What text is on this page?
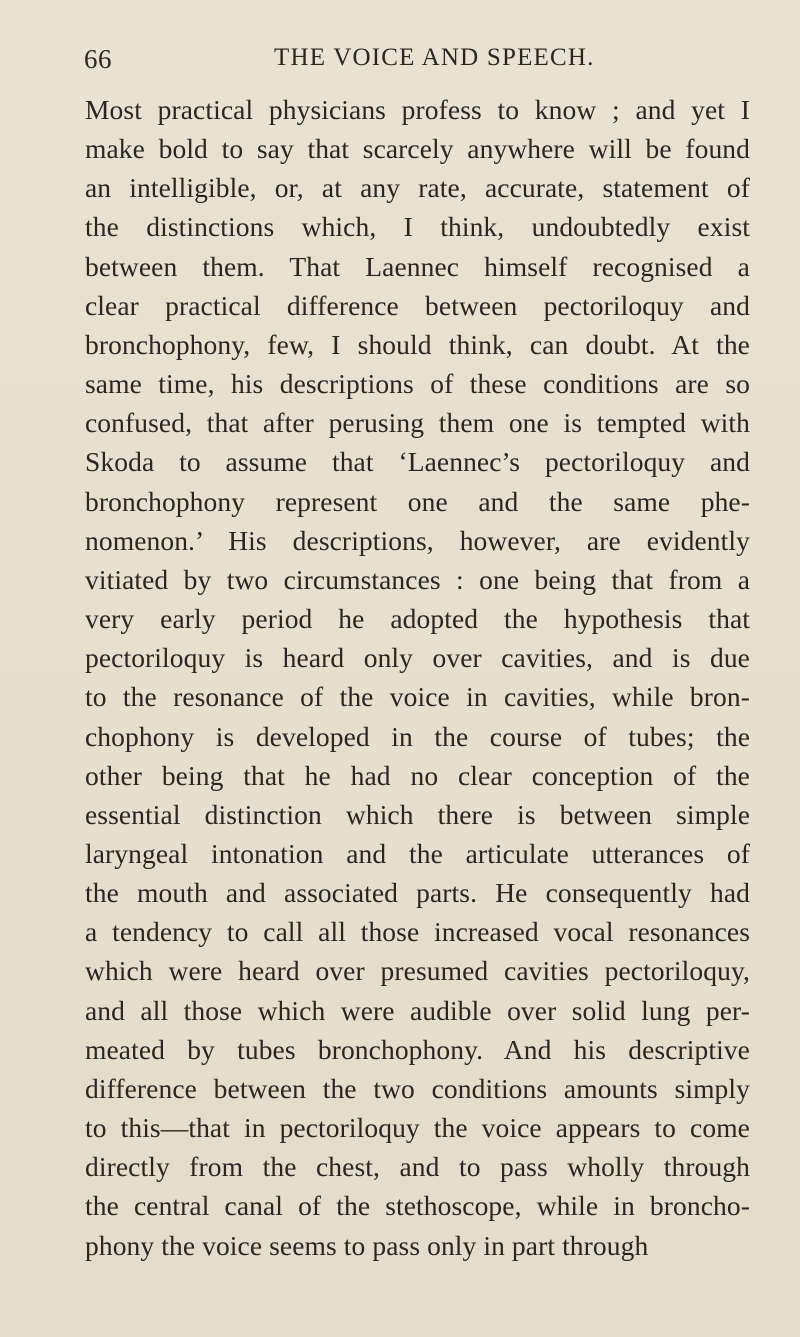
66	THE VOICE AND SPEECH.
Most practical physicians profess to know ; and yet I
make bold to say that scarcely anywhere will be found
an intelligible, or, at any rate, accurate, statement of
the distinctions which, I think, undoubtedly exist
between them. That Laennec himself recognised a
clear practical difference between pectoriloquy and
bronchophony, few, I should think, can doubt. At the
same time, his descriptions of these conditions are so
confused, that after perusing them one is tempted with
Skoda to assume that ‘Laennec’s pectoriloquy and
bronchophony represent one and the same phe-
nomenon.’ His descriptions, however, are evidently
vitiated by two circumstances : one being that from a
very early period he adopted the hypothesis that
pectoriloquy is heard only over cavities, and is due
to the resonance of the voice in cavities, while bron-
chophony is developed in the course of tubes; the
other being that he had no clear conception of the
essential distinction which there is between simple
laryngeal intonation and the articulate utterances of
the mouth and associated parts. He consequently had
a tendency to call all those increased vocal resonances
which were heard over presumed cavities pectoriloquy,
and all those which were audible over solid lung per-
meated by tubes bronchophony. And his descriptive
difference between the two conditions amounts simply
to this—that in pectoriloquy the voice appears to come
directly from the chest, and to pass wholly through
the central canal of the stethoscope, while in broncho-
phony the voice seems to pass only in part through
